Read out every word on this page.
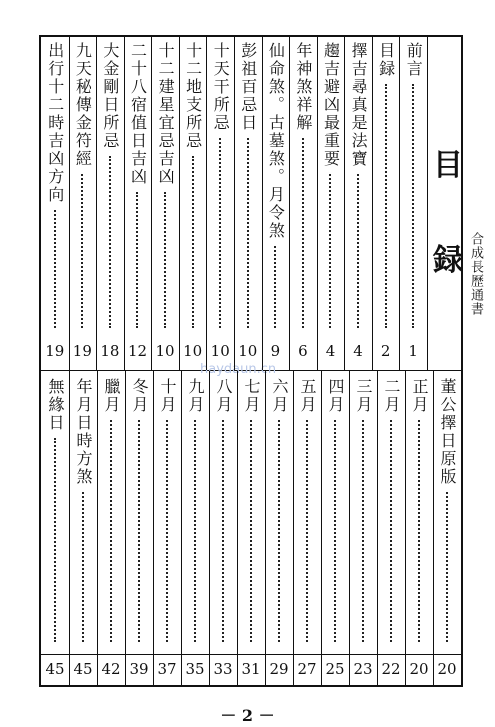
目
録 合成長歷通書
haydaun.cn
－ 2 －
前言
1
目録
2
擇吉尋真是法寶
4
趨吉避凶最重要
4
年神煞祥解
6
仙命煞。古墓煞。月令煞
9
彭祖百忌日
10
十天干所忌
10
十二地支所忌
10
十二建星宜忌吉凶
10
二十八宿值日吉凶
12
大金剛日所忌
18
九天秘傳金符經
19
出行十二時吉凶方向
19
董公擇日原版
20
正月
20
二月
22
三月
23
四月
25
五月
27
六月
29
七月
31
八月
33
九月
35
十月
37
冬月
39
臘月
42
年月日時方煞
45
無緣日
45
